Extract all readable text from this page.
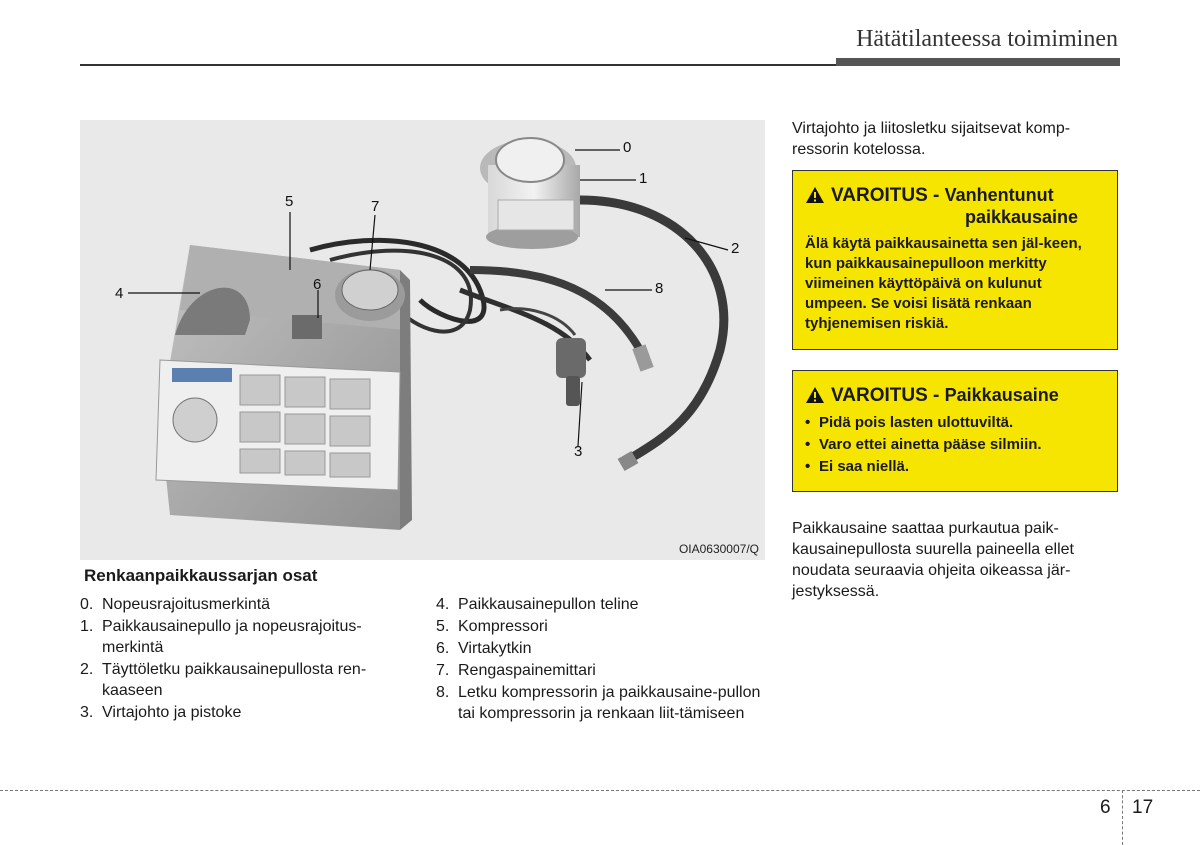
Hätätilanteessa toimiminen
0
1
2
3
4
5
6
7
8
OIA0630007/Q
Renkaanpaikkaussarjan osat
0. Nopeusrajoitusmerkintä
1. Paikkausainepullo ja nopeusrajoitus-merkintä
2. Täyttöletku paikkausainepullosta ren-kaaseen
3. Virtajohto ja pistoke
4. Paikkausainepullon teline
5. Kompressori
6. Virtakytkin
7. Rengaspainemittari
8. Letku kompressorin ja paikkausaine-pullon tai kompressorin ja renkaan liit-tämiseen
Virtajohto ja liitosletku sijaitsevat komp-ressorin kotelossa.
VAROITUS - Vanhentunut
paikkausaine
Älä käytä paikkausainetta sen jäl-keen, kun paikkausainepulloon merkitty viimeinen käyttöpäivä on kulunut umpeen. Se voisi lisätä renkaan tyhjenemisen riskiä.
VAROITUS - Paikkausaine
• Pidä pois lasten ulottuviltä.
• Varo ettei ainetta pääse silmiin.
• Ei saa niellä.
Paikkausaine saattaa purkautua paik-kausainepullosta suurella paineella ellet noudata seuraavia ohjeita oikeassa jär-jestyksessä.
6 17
